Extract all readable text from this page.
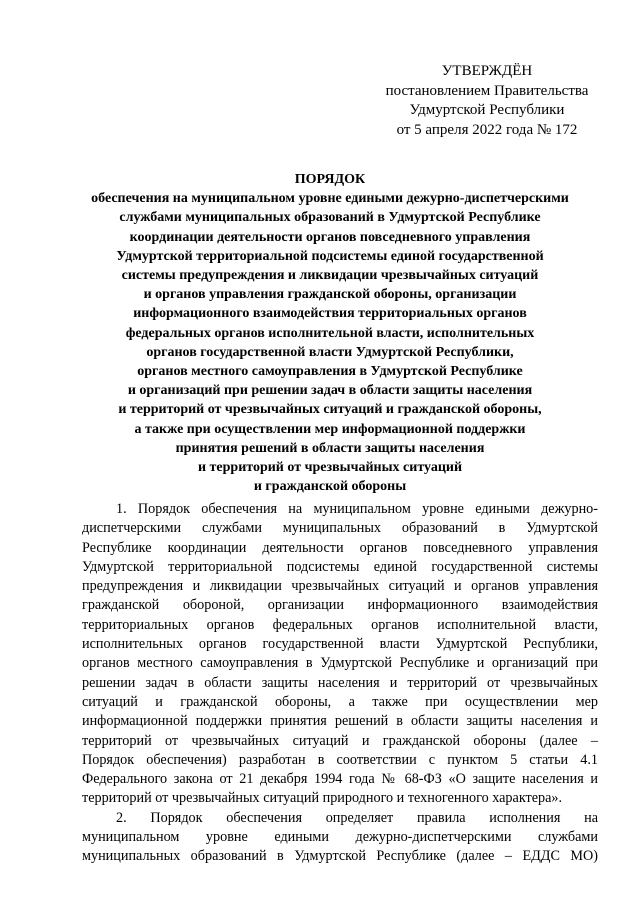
УТВЕРЖДЁН
постановлением Правительства
Удмуртской Республики
от 5 апреля 2022 года № 172
ПОРЯДОК
обеспечения на муниципальном уровне едиными дежурно-диспетчерскими
службами муниципальных образований в Удмуртской Республике
координации деятельности органов повседневного управления
Удмуртской территориальной подсистемы единой государственной
системы предупреждения и ликвидации чрезвычайных ситуаций
и органов управления гражданской обороны, организации
информационного взаимодействия территориальных органов
федеральных органов исполнительной власти, исполнительных
органов государственной власти Удмуртской Республики,
органов местного самоуправления в Удмуртской Республике
и организаций при решении задач в области защиты населения
и территорий от чрезвычайных ситуаций и гражданской обороны,
а также при осуществлении мер информационной поддержки
принятия решений в области защиты населения
и территорий от чрезвычайных ситуаций
и гражданской обороны
1. Порядок обеспечения на муниципальном уровне едиными дежурно-
диспетчерскими службами муниципальных образований в Удмуртской
Республике координации деятельности органов повседневного управления
Удмуртской территориальной подсистемы единой государственной системы
предупреждения и ликвидации чрезвычайных ситуаций и органов управления
гражданской обороной, организации информационного взаимодействия
территориальных органов федеральных органов исполнительной власти,
исполнительных органов государственной власти Удмуртской Республики,
органов местного самоуправления в Удмуртской Республике и организаций при
решении задач в области защиты населения и территорий от чрезвычайных
ситуаций и гражданской обороны, а также при осуществлении мер
информационной поддержки принятия решений в области защиты населения и
территорий от чрезвычайных ситуаций и гражданской обороны (далее –
Порядок обеспечения) разработан в соответствии с пунктом 5 статьи 4.1
Федерального закона от 21 декабря 1994 года № 68-ФЗ «О защите населения и
территорий от чрезвычайных ситуаций природного и техногенного характера».
2. Порядок обеспечения определяет правила исполнения на
муниципальном уровне едиными дежурно-диспетчерскими службами
муниципальных образований в Удмуртской Республике (далее – ЕДДС МО)
